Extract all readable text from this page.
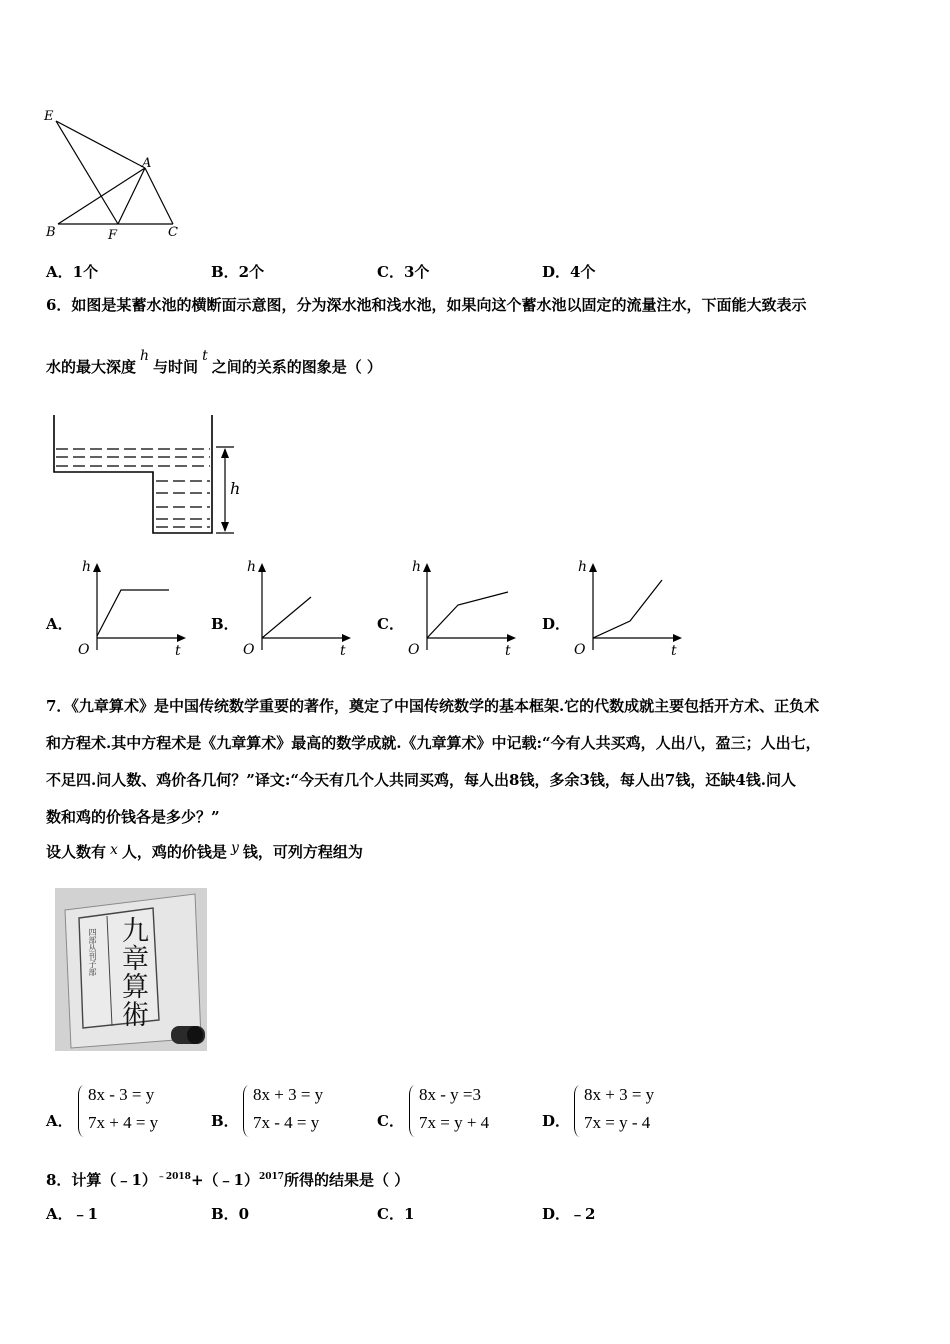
E
A
B	F	C
A．1个	B．2个	C．3个	D．4个
6．如图是某蓄水池的横断面示意图，分为深水池和浅水池，如果向这个蓄水池以固定的流量注水，下面能大致表示
水的最大深度h与时间t之间的关系的图象是（ ）
h
A．	B．	C．	D．
h
t
O
h
t
O
h
t
O
h
t
O
7．《九章算术》是中国传统数学重要的著作，奠定了中国传统数学的基本框架.它的代数成就主要包括开方术、正负术
和方程术.其中方程术是《九章算术》最高的数学成就.《九章算术》中记载:“今有人共买鸡，人出八，盈三；人出七，
不足四.问人数、鸡价各几何？”译文:“今天有几个人共同买鸡，每人出8钱，多余3钱，每人出7钱，还缺4钱.问人
数和鸡的价钱各是多少？”
设人数有 x 人，鸡的价钱是 y 钱，可列方程组为
四部丛刊子部 九章算術
A．
8x - 3 = y
7x + 4 = y	B．
8x + 3 = y
7x - 4 = y	C．
8x - y =3
7x = y + 4	D．
8x + 3 = y
7x = y - 4
8．计算（﹣1）$^{﹣2018}$+（﹣1）$^{2017}$所得的结果是（ ）
A．﹣1	B．0	C．1	D．﹣2
